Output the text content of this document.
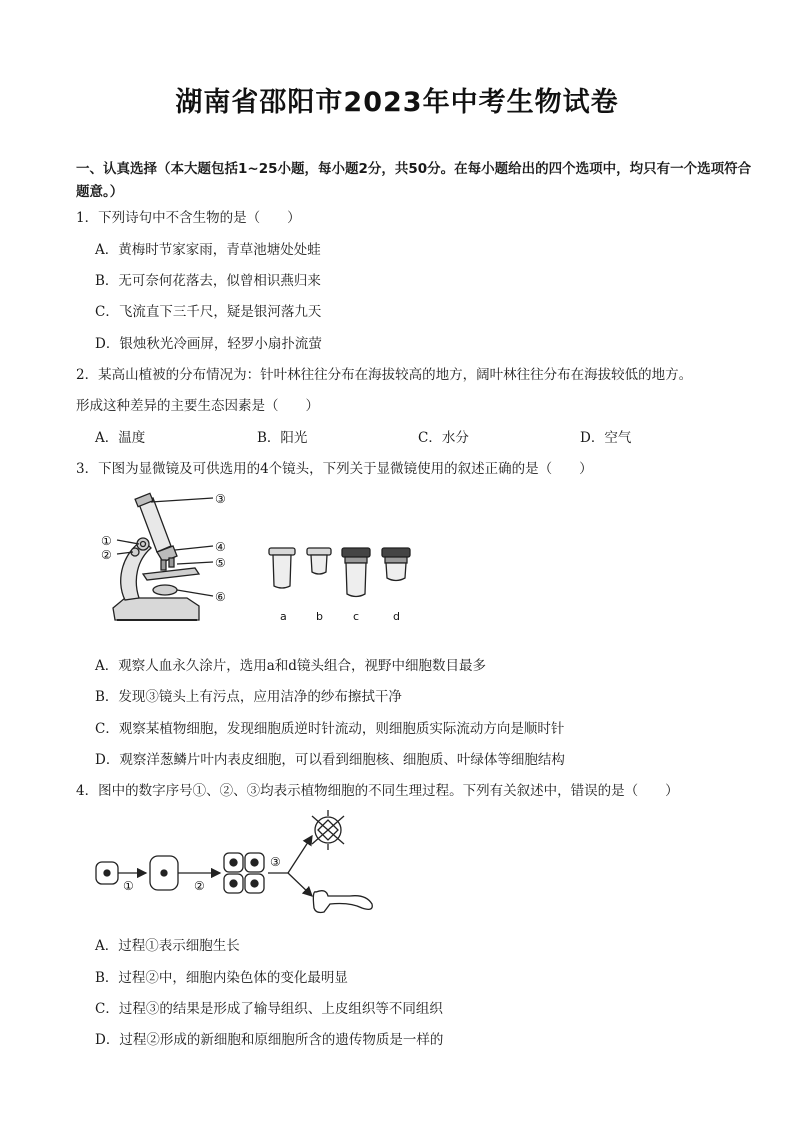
湖南省邵阳市2023年中考生物试卷
一、认真选择（本大题包括1~25小题，每小题2分，共50分。在每小题给出的四个选项中，均只有一个选项符合题意。）
1．下列诗句中不含生物的是（　　）
A．黄梅时节家家雨，青草池塘处处蛙
B．无可奈何花落去，似曾相识燕归来
C．飞流直下三千尺，疑是银河落九天
D．银烛秋光冷画屏，轻罗小扇扑流萤
2．某高山植被的分布情况为：针叶林往往分布在海拔较高的地方，阔叶林往往分布在海拔较低的地方。
形成这种差异的主要生态因素是（　　）
A．温度	B．阳光	C．水分	D．空气
3．下图为显微镜及可供选用的4个镜头，下列关于显微镜使用的叙述正确的是（　　）
①
②
③
④
⑤
⑥
a	b	c	d
A．观察人血永久涂片，选用a和d镜头组合，视野中细胞数目最多
B．发现③镜头上有污点，应用洁净的纱布擦拭干净
C．观察某植物细胞，发现细胞质逆时针流动，则细胞质实际流动方向是顺时针
D．观察洋葱鳞片叶内表皮细胞，可以看到细胞核、细胞质、叶绿体等细胞结构
4．图中的数字序号①、②、③均表示植物细胞的不同生理过程。下列有关叙述中，错误的是（　　）
①	②
③
A．过程①表示细胞生长
B．过程②中，细胞内染色体的变化最明显
C．过程③的结果是形成了输导组织、上皮组织等不同组织
D．过程②形成的新细胞和原细胞所含的遗传物质是一样的
